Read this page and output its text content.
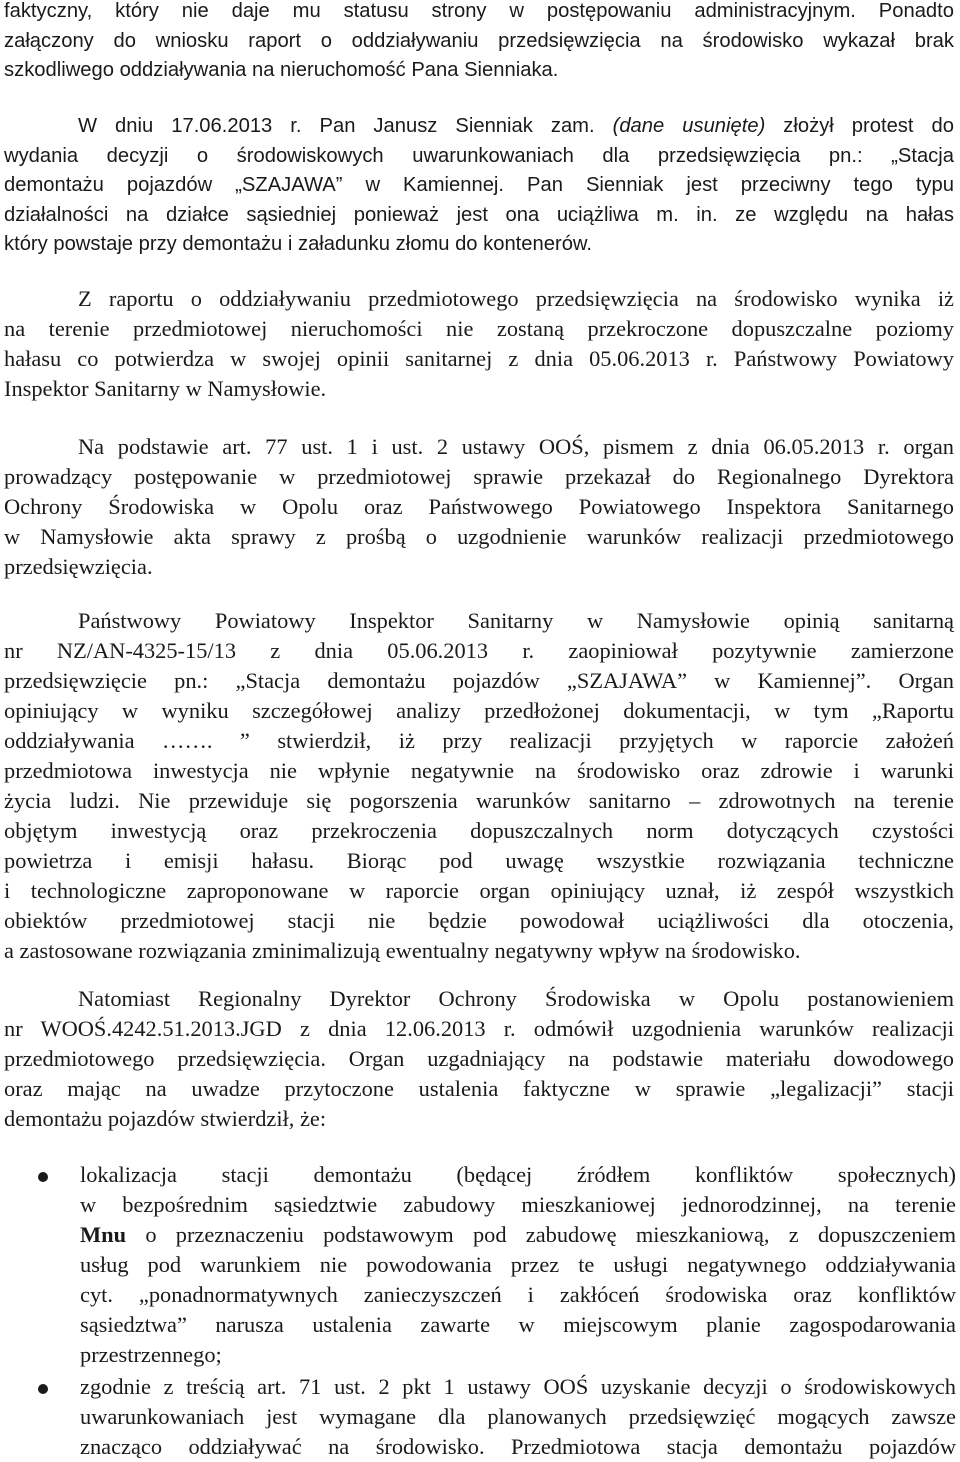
faktyczny, który nie daje mu statusu strony w postępowaniu administracyjnym. Ponadto
załączony do wniosku raport o oddziaływaniu przedsięwzięcia na środowisko wykazał brak
szkodliwego oddziaływania na nieruchomość Pana Sienniaka.
W dniu 17.06.2013 r. Pan Janusz Sienniak zam. (dane usunięte) złożył protest do
wydania decyzji o środowiskowych uwarunkowaniach dla przedsięwzięcia pn.: „Stacja
demontażu pojazdów „SZAJAWA” w Kamiennej. Pan Sienniak jest przeciwny tego typu
działalności na działce sąsiedniej ponieważ jest ona uciążliwa m. in. ze względu na hałas
który powstaje przy demontażu i załadunku złomu do kontenerów.
Z raportu o oddziaływaniu przedmiotowego przedsięwzięcia na środowisko wynika iż
na terenie przedmiotowej nieruchomości nie zostaną przekroczone dopuszczalne poziomy
hałasu co potwierdza w swojej opinii sanitarnej z dnia 05.06.2013 r. Państwowy Powiatowy
Inspektor Sanitarny w Namysłowie.
Na podstawie art. 77 ust. 1 i ust. 2 ustawy OOŚ, pismem z dnia 06.05.2013 r. organ
prowadzący postępowanie w przedmiotowej sprawie przekazał do Regionalnego Dyrektora
Ochrony Środowiska w Opolu oraz Państwowego Powiatowego Inspektora Sanitarnego
w Namysłowie akta sprawy z prośbą o uzgodnienie warunków realizacji przedmiotowego
przedsięwzięcia.
Państwowy Powiatowy Inspektor Sanitarny w Namysłowie opinią sanitarną
nr NZ/AN-4325-15/13 z dnia 05.06.2013 r. zaopiniował pozytywnie zamierzone
przedsięwzięcie pn.: „Stacja demontażu pojazdów „SZAJAWA” w Kamiennej”. Organ
opiniujący w wyniku szczegółowej analizy przedłożonej dokumentacji, w tym „Raportu
oddziaływania ……. ” stwierdził, iż przy realizacji przyjętych w raporcie założeń
przedmiotowa inwestycja nie wpłynie negatywnie na środowisko oraz zdrowie i warunki
życia ludzi. Nie przewiduje się pogorszenia warunków sanitarno – zdrowotnych na terenie
objętym inwestycją oraz przekroczenia dopuszczalnych norm dotyczących czystości
powietrza i emisji hałasu. Biorąc pod uwagę wszystkie rozwiązania techniczne
i technologiczne zaproponowane w raporcie organ opiniujący uznał, iż zespół wszystkich
obiektów przedmiotowej stacji nie będzie powodował uciążliwości dla otoczenia,
a zastosowane rozwiązania zminimalizują ewentualny negatywny wpływ na środowisko.
Natomiast Regionalny Dyrektor Ochrony Środowiska w Opolu postanowieniem
nr WOOŚ.4242.51.2013.JGD z dnia 12.06.2013 r. odmówił uzgodnienia warunków realizacji
przedmiotowego przedsięwzięcia. Organ uzgadniający na podstawie materiału dowodowego
oraz mając na uwadze przytoczone ustalenia faktyczne w sprawie „legalizacji” stacji
demontażu pojazdów stwierdził, że:
lokalizacja stacji demontażu (będącej źródłem konfliktów społecznych)
w bezpośrednim sąsiedztwie zabudowy mieszkaniowej jednorodzinnej, na terenie
Mnu o przeznaczeniu podstawowym pod zabudowę mieszkaniową, z dopuszczeniem
usług pod warunkiem nie powodowania przez te usługi negatywnego oddziaływania
cyt. „ponadnormatywnych zanieczyszczeń i zakłóceń środowiska oraz konfliktów
sąsiedztwa” narusza ustalenia zawarte w miejscowym planie zagospodarowania
przestrzennego;
zgodnie z treścią art. 71 ust. 2 pkt 1 ustawy OOŚ uzyskanie decyzji o środowiskowych
uwarunkowaniach jest wymagane dla planowanych przedsięwzięć mogących zawsze
znacząco oddziaływać na środowisko. Przedmiotowa stacja demontażu pojazdów
